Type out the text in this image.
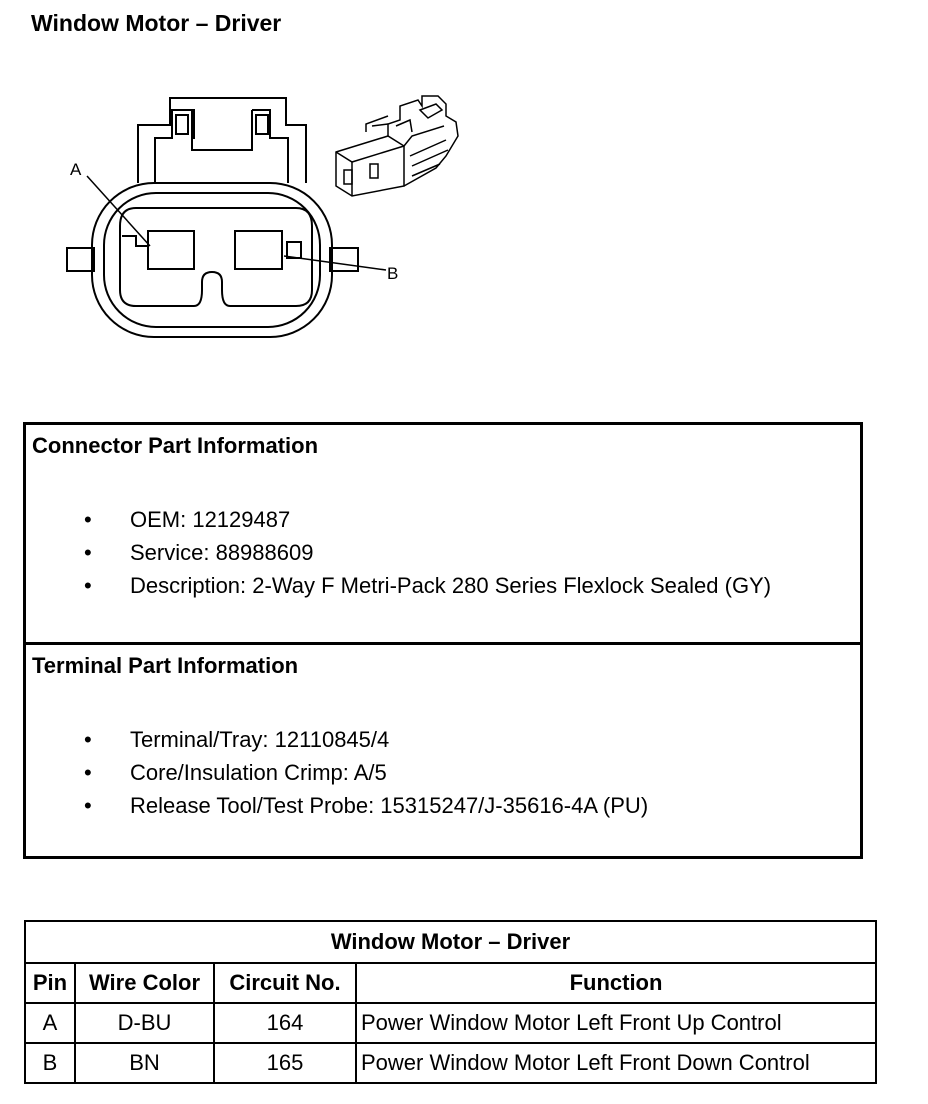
Window Motor – Driver
A
B
Connector Part Information
• OEM: 12129487
• Service: 88988609
• Description: 2-Way F Metri-Pack 280 Series Flexlock Sealed (GY)
Terminal Part Information
• Terminal/Tray: 12110845/4
• Core/Insulation Crimp: A/5
• Release Tool/Test Probe: 15315247/J-35616-4A (PU)
Window Motor – Driver			
Pin	Wire Color	Circuit No.	Function
A	D-BU	164	Power Window Motor Left Front Up Control
B	BN	165	Power Window Motor Left Front Down Control
